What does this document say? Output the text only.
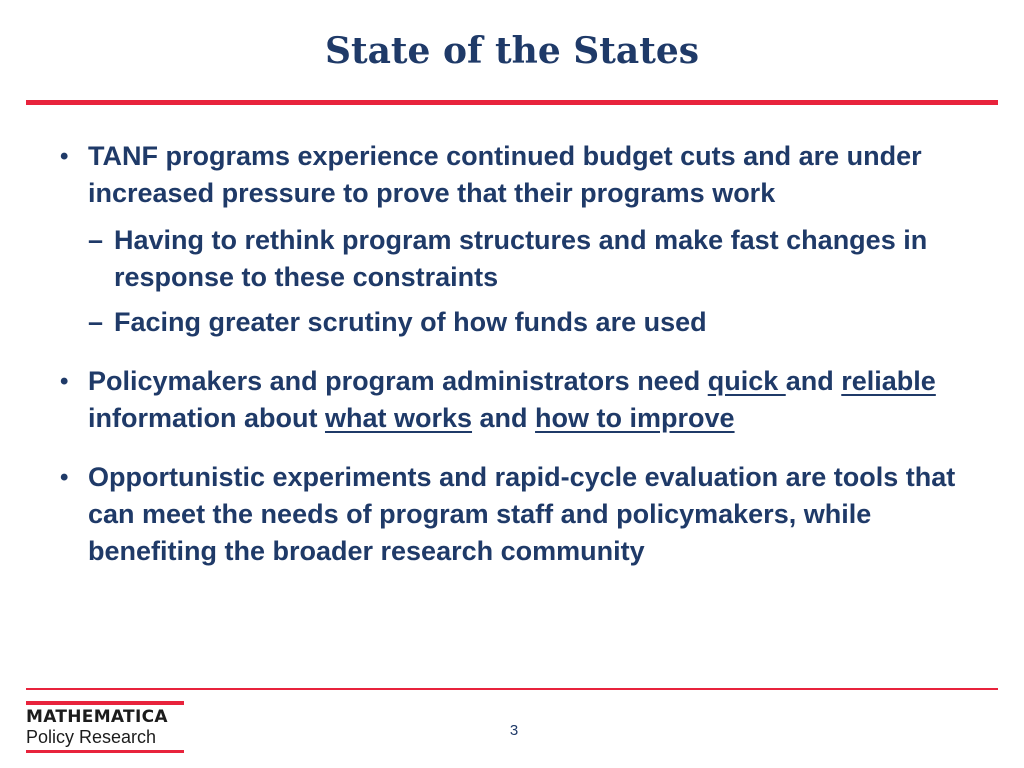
State of the States
• TANF programs experience continued budget cuts and are under increased pressure to prove that their programs work
– Having to rethink program structures and make fast changes in response to these constraints
– Facing greater scrutiny of how funds are used
• Policymakers and program administrators need quick and reliable information about what works and how to improve
• Opportunistic experiments and rapid-cycle evaluation are tools that can meet the needs of program staff and policymakers, while benefiting the broader research community
MATHEMATICA
Policy Research	3
